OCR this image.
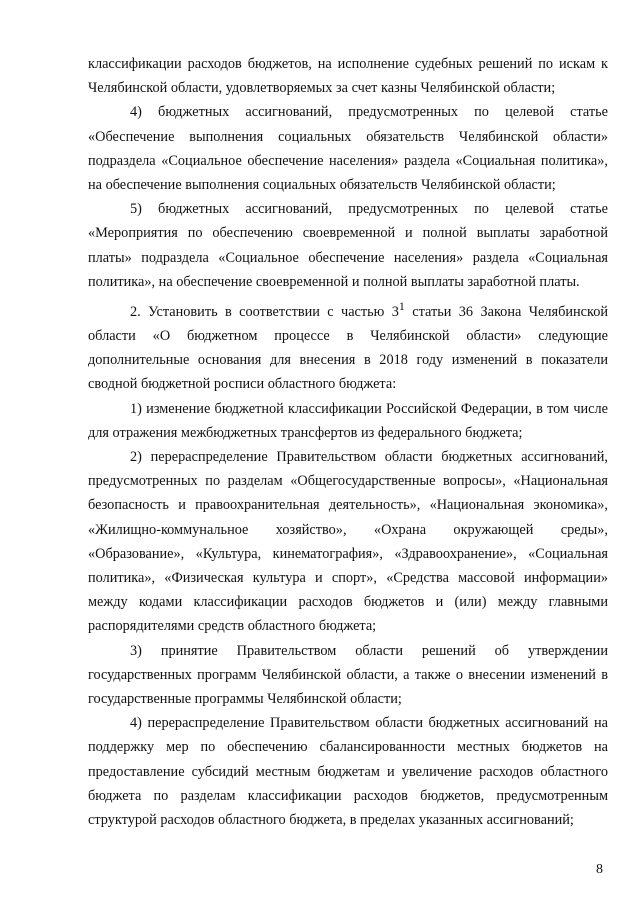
классификации расходов бюджетов, на исполнение судебных решений по искам к Челябинской области, удовлетворяемых за счет казны Челябинской области;

4) бюджетных ассигнований, предусмотренных по целевой статье «Обеспечение выполнения социальных обязательств Челябинской области» подраздела «Социальное обеспечение населения» раздела «Социальная политика», на обеспечение выполнения социальных обязательств Челябинской области;

5) бюджетных ассигнований, предусмотренных по целевой статье «Мероприятия по обеспечению своевременной и полной выплаты заработной платы» подраздела «Социальное обеспечение населения» раздела «Социальная политика», на обеспечение своевременной и полной выплаты заработной платы.

2. Установить в соответствии с частью $3^1$ статьи 36 Закона Челябинской области «О бюджетном процессе в Челябинской области» следующие дополнительные основания для внесения в 2018 году изменений в показатели сводной бюджетной росписи областного бюджета:

1) изменение бюджетной классификации Российской Федерации, в том числе для отражения межбюджетных трансфертов из федерального бюджета;

2) перераспределение Правительством области бюджетных ассигнований, предусмотренных по разделам «Общегосударственные вопросы», «Национальная безопасность и правоохранительная деятельность», «Национальная экономика», «Жилищно-коммунальное хозяйство», «Охрана окружающей среды», «Образование», «Культура, кинематография», «Здравоохранение», «Социальная политика», «Физическая культура и спорт», «Средства массовой информации» между кодами классификации расходов бюджетов и (или) между главными распорядителями средств областного бюджета;

3) принятие Правительством области решений об утверждении государственных программ Челябинской области, а также о внесении изменений в государственные программы Челябинской области;

4) перераспределение Правительством области бюджетных ассигнований на поддержку мер по обеспечению сбалансированности местных бюджетов на предоставление субсидий местным бюджетам и увеличение расходов областного бюджета по разделам классификации расходов бюджетов, предусмотренным структурой расходов областного бюджета, в пределах указанных ассигнований;

8
